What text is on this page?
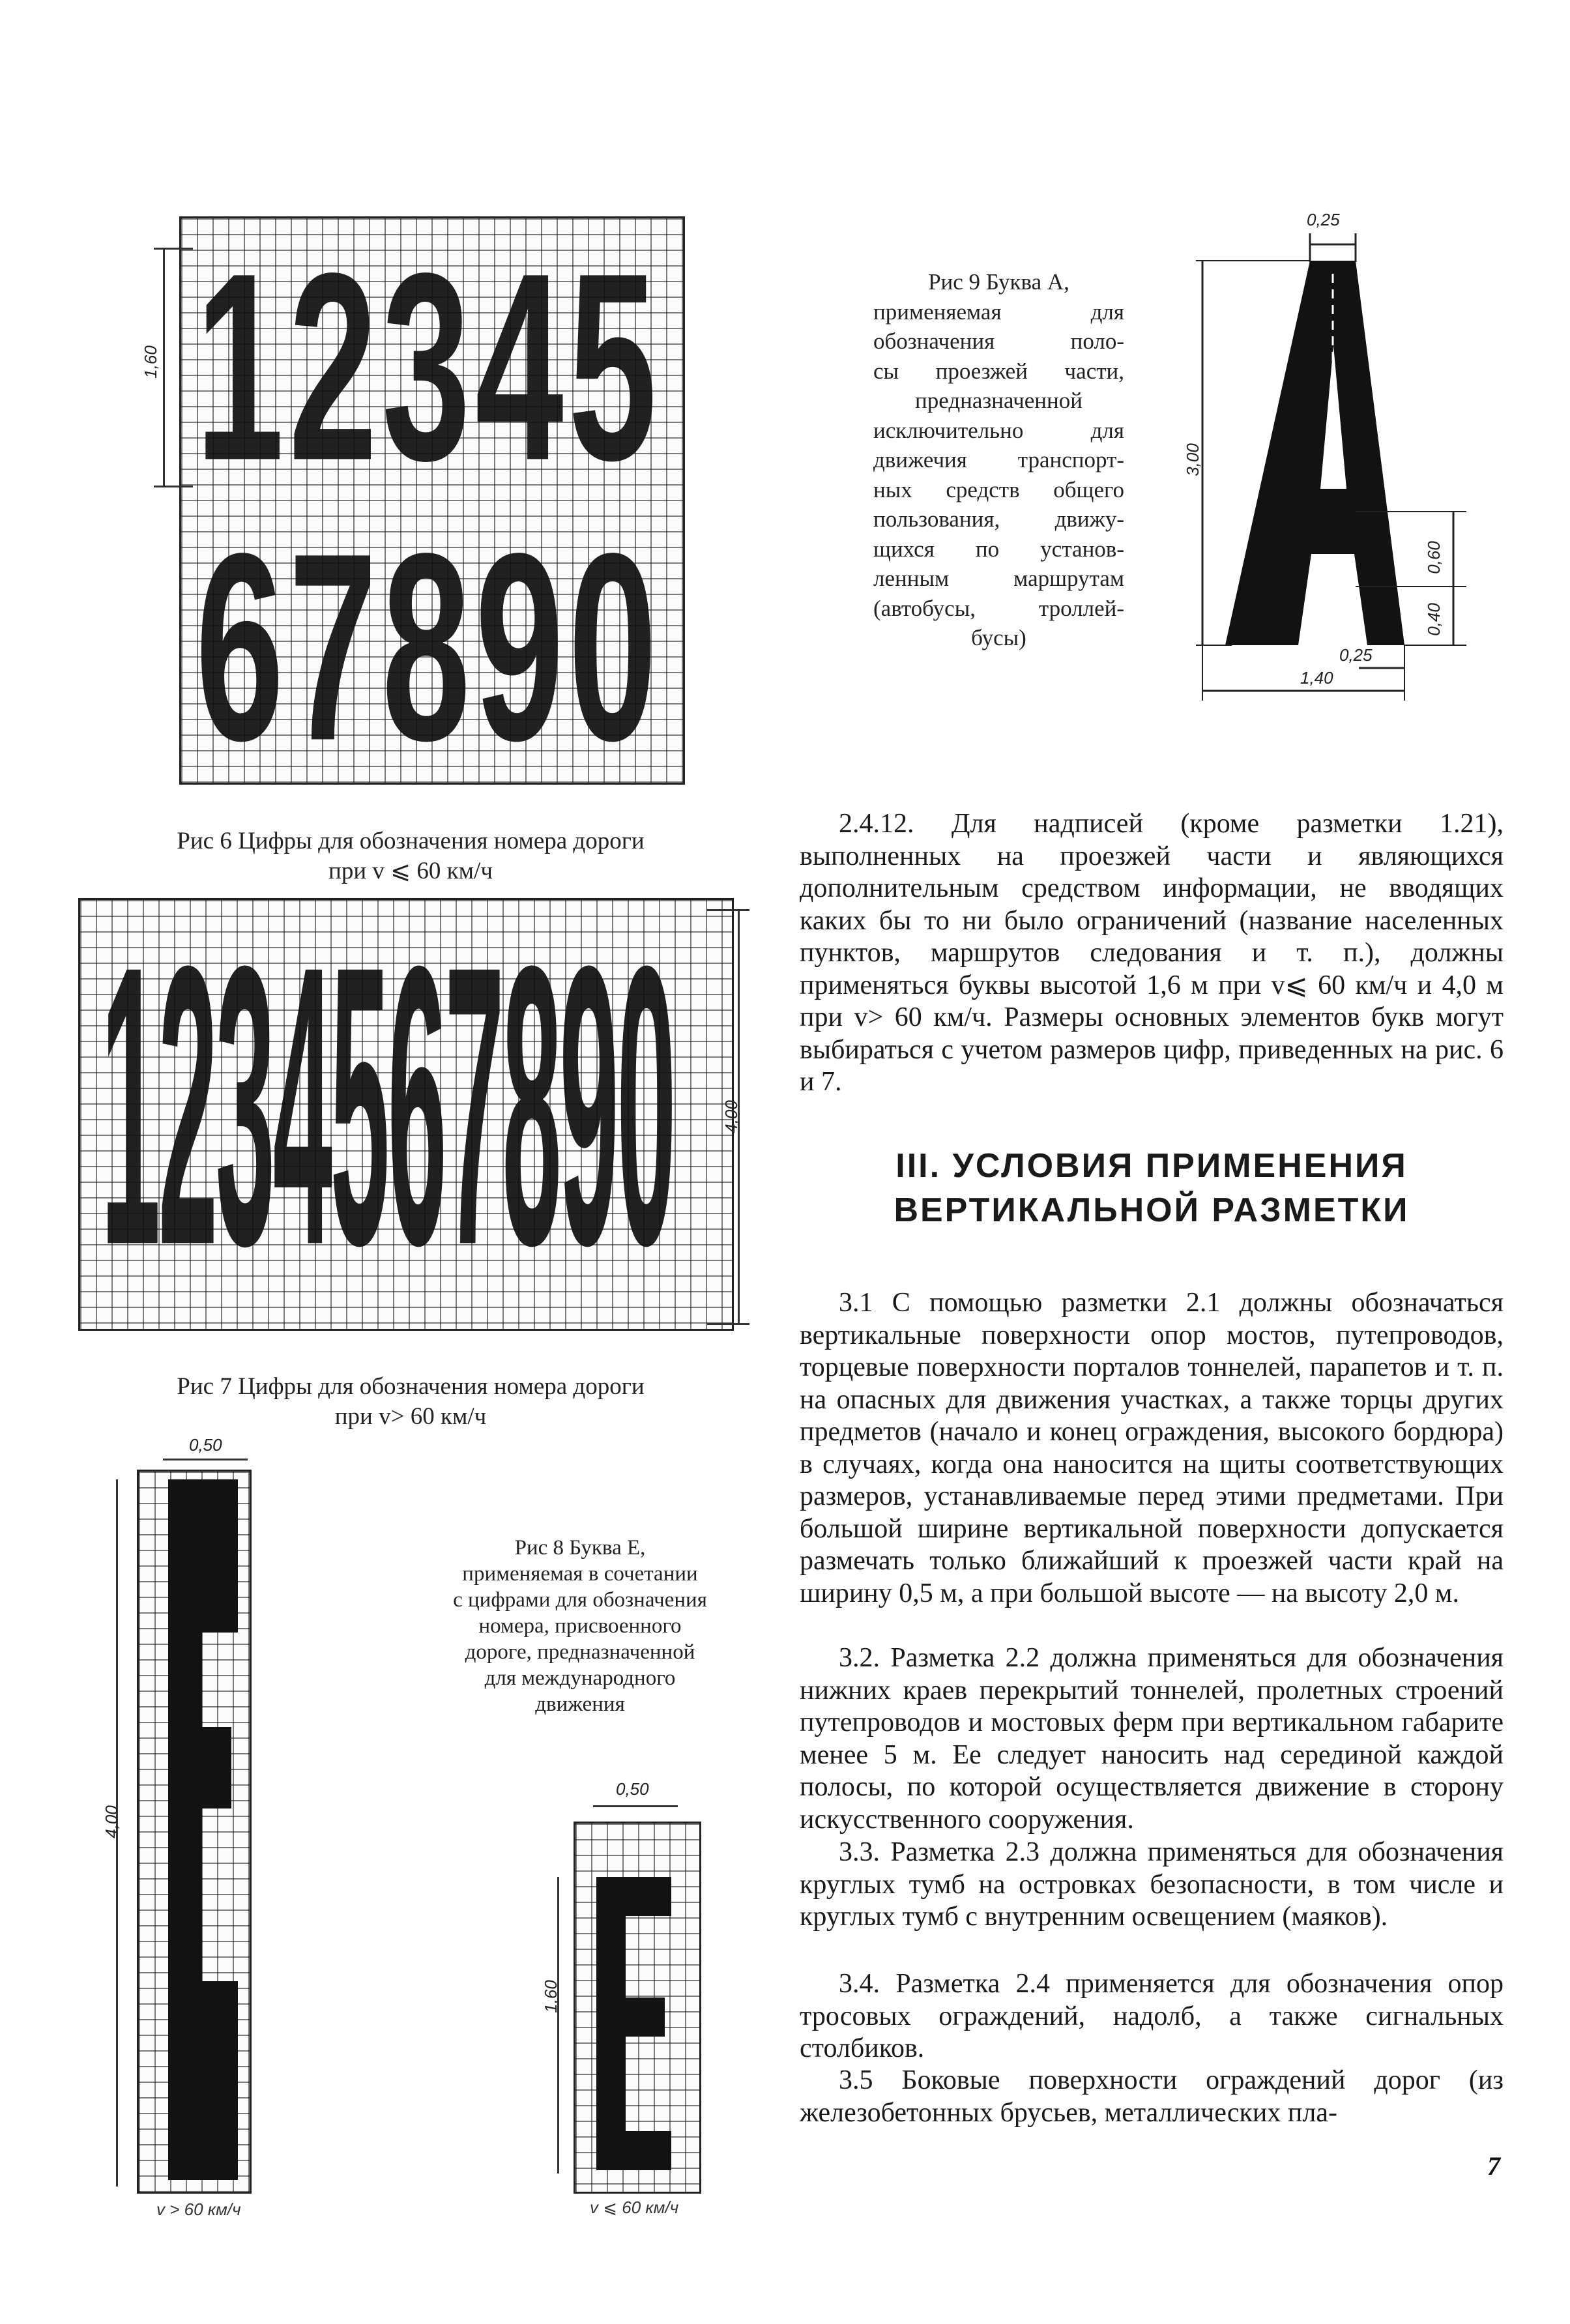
12345
67890
1,60
Рис 6 Цифры для обозначения номера дороги
при v ⩽ 60 км/ч
Рис 9 Буква А,
применяемая для
обозначения поло-
сы проезжей части,
предназначенной
исключительно для
движечия транспорт-
ных средств общего
пользования, движу-
щихся по установ-
ленным маршрутам
(автобусы, троллей-
бусы)
0,25
3,00
0,60
0,40
0,25
1,40
1234567890	4,00
Рис 7 Цифры для обозначения номера дороги
при v> 60 км/ч
0,50
4,00
v > 60 км/ч
Рис 8 Буква Е,
применяемая в сочетании
с цифрами для обозначения
номера, присвоенного
дороге, предназначенной
для международного
движения
0,50
1,60
v ⩽ 60 км/ч

2.4.12. Для надписей (кроме разметки 1.21), выполненных на проезжей части и являющихся дополнительным средством информации, не вводящих каких бы то ни было ограничений (название населенных пунктов, маршрутов следования и т. п.), должны применяться буквы высотой 1,6 м при v⩽ 60 км/ч и 4,0 м при v> 60 км/ч. Размеры основных элементов букв могут выбираться с учетом размеров цифр, приведенных на рис. 6 и 7.

III. УСЛОВИЯ ПРИМЕНЕНИЯ
ВЕРТИКАЛЬНОЙ РАЗМЕТКИ

3.1 С помощью разметки 2.1 должны обозначаться вертикальные поверхности опор мостов, путепроводов, торцевые поверхности порталов тоннелей, парапетов и т. п. на опасных для движения участках, а также торцы других предметов (начало и конец ограждения, высокого бордюра) в случаях, когда она наносится на щиты соответствующих размеров, устанавливаемые перед этими предметами. При большой ширине вертикальной поверхности допускается размечать только ближайший к проезжей части край на ширину 0,5 м, а при большой высоте — на высоту 2,0 м.

3.2. Разметка 2.2 должна применяться для обозначения нижних краев перекрытий тоннелей, пролетных строений путепроводов и мостовых ферм при вертикальном габарите менее 5 м. Ее следует наносить над серединой каждой полосы, по которой осуществляется движение в сторону искусственного сооружения.

3.3. Разметка 2.3 должна применяться для обозначения круглых тумб на островках безопасности, в том числе и круглых тумб с внутренним освещением (маяков).

3.4. Разметка 2.4 применяется для обозначения опор тросовых ограждений, надолб, а также сигнальных столбиков.

3.5 Боковые поверхности ограждений дорог (из железобетонных брусьев, металлических пла-

7
